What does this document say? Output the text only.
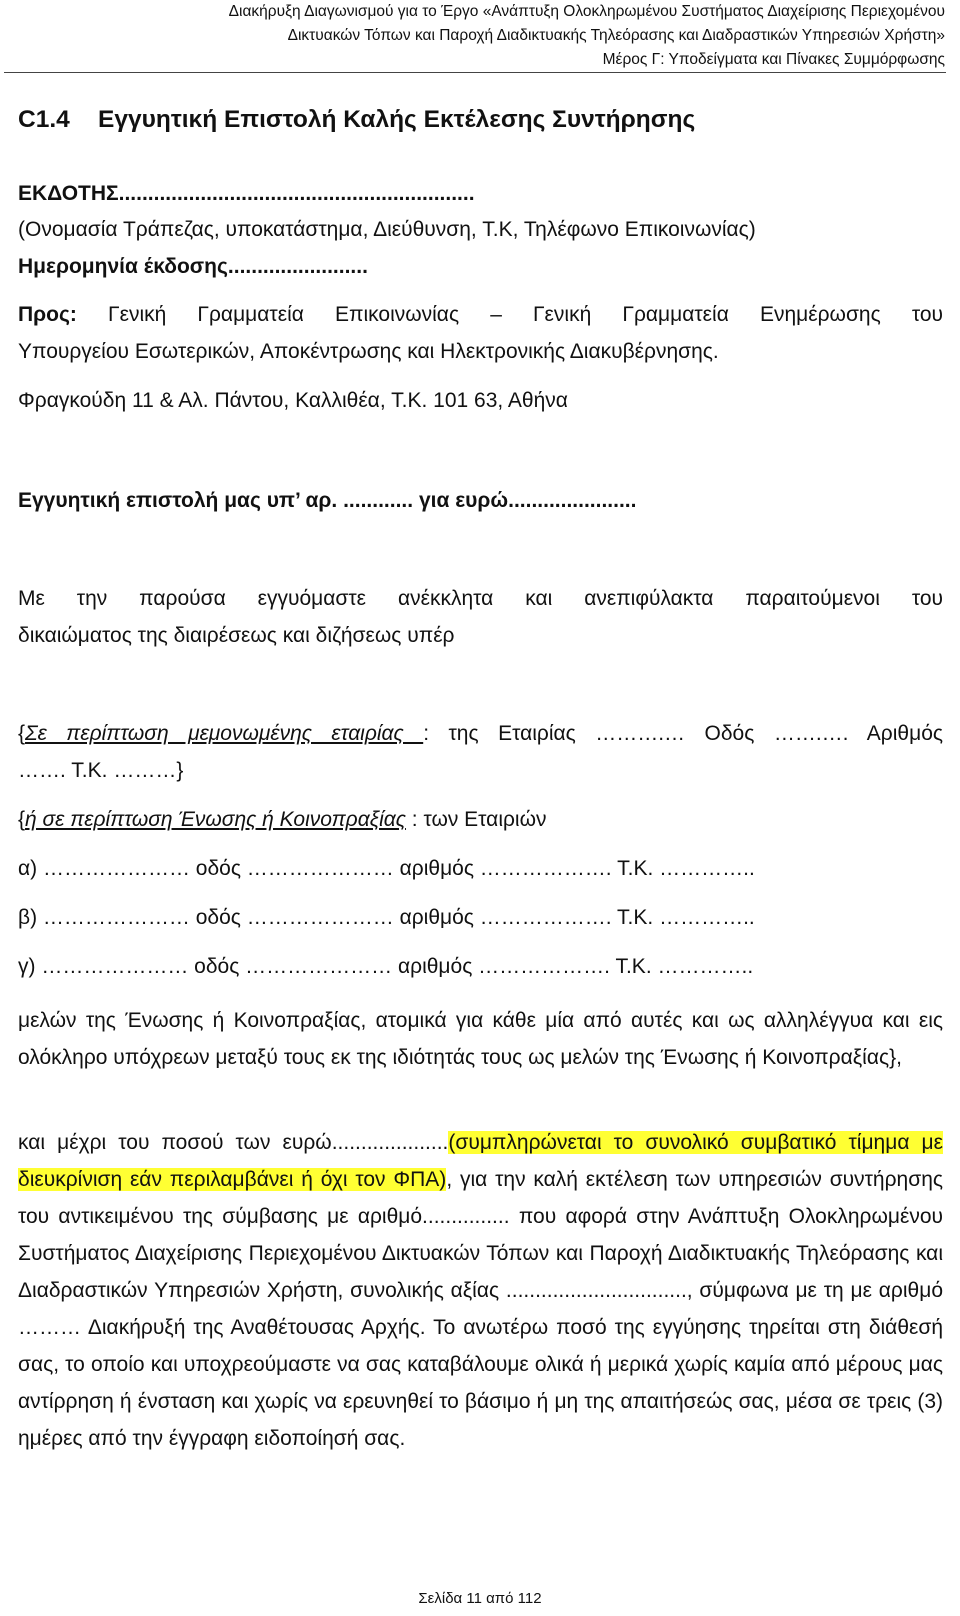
Διακήρυξη Διαγωνισμού για το Έργο «Ανάπτυξη Ολοκληρωμένου Συστήματος Διαχείρισης Περιεχομένου
Δικτυακών Τόπων και Παροχή Διαδικτυακής Τηλεόρασης και Διαδραστικών Υπηρεσιών Χρήστη»
Μέρος Γ: Υποδείγματα και Πίνακες Συμμόρφωσης
C1.4 Εγγυητική Επιστολή Καλής Εκτέλεσης Συντήρησης
ΕΚΔΟΤΗΣ.............................................................
(Ονομασία Τράπεζας, υποκατάστημα, Διεύθυνση, Τ.Κ, Τηλέφωνο Επικοινωνίας)
Ημερομηνία έκδοσης........................
Προς: Γενική Γραμματεία Επικοινωνίας – Γενική Γραμματεία Ενημέρωσης του
Υπουργείου Εσωτερικών, Αποκέντρωσης και Ηλεκτρονικής Διακυβέρνησης.
Φραγκούδη 11 & Αλ. Πάντου, Καλλιθέα, Τ.Κ. 101 63, Αθήνα
Εγγυητική επιστολή μας υπ’ αρ. ............ για ευρώ......................
Με την παρούσα εγγυόμαστε ανέκκλητα και ανεπιφύλακτα παραιτούμενοι του
δικαιώματος της διαιρέσεως και διζήσεως υπέρ
{Σε περίπτωση μεμονωμένης εταιρίας : της Εταιρίας ……….… Οδός …….…. Αριθμός
……. Τ.Κ. ………}
{ή σε περίπτωση Ένωσης ή Κοινοπραξίας : των Εταιριών
α) ………………… οδός ………………… αριθμός ………………. Τ.Κ. …………..
β) ………………… οδός ………………… αριθμός ………………. Τ.Κ. …………..
γ) ………………… οδός ………………… αριθμός ………………. Τ.Κ. …………..
μελών της Ένωσης ή Κοινοπραξίας, ατομικά για κάθε μία από αυτές και ως αλληλέγγυα και εις ολόκληρο υπόχρεων μεταξύ τους εκ της ιδιότητάς τους ως μελών της Ένωσης ή Κοινοπραξίας},
και μέχρι του ποσού των ευρώ....................(συμπληρώνεται το συνολικό συμβατικό τίμημα με διευκρίνιση εάν περιλαμβάνει ή όχι τον ΦΠΑ), για την καλή εκτέλεση των υπηρεσιών συντήρησης του αντικειμένου της σύμβασης με αριθμό............... που αφορά στην Ανάπτυξη Ολοκληρωμένου Συστήματος Διαχείρισης Περιεχομένου Δικτυακών Τόπων και Παροχή Διαδικτυακής Τηλεόρασης και Διαδραστικών Υπηρεσιών Χρήστη, συνολικής αξίας ..............................., σύμφωνα με τη με αριθμό ……… Διακήρυξή της Αναθέτουσας Αρχής. Το ανωτέρω ποσό της εγγύησης τηρείται στη διάθεσή σας, το οποίο και υποχρεούμαστε να σας καταβάλουμε ολικά ή μερικά χωρίς καμία από μέρους μας αντίρρηση ή ένσταση και χωρίς να ερευνηθεί το βάσιμο ή μη της απαιτήσεώς σας, μέσα σε τρεις (3) ημέρες από την έγγραφη ειδοποίησή σας.
Σελίδα 11 από 112
